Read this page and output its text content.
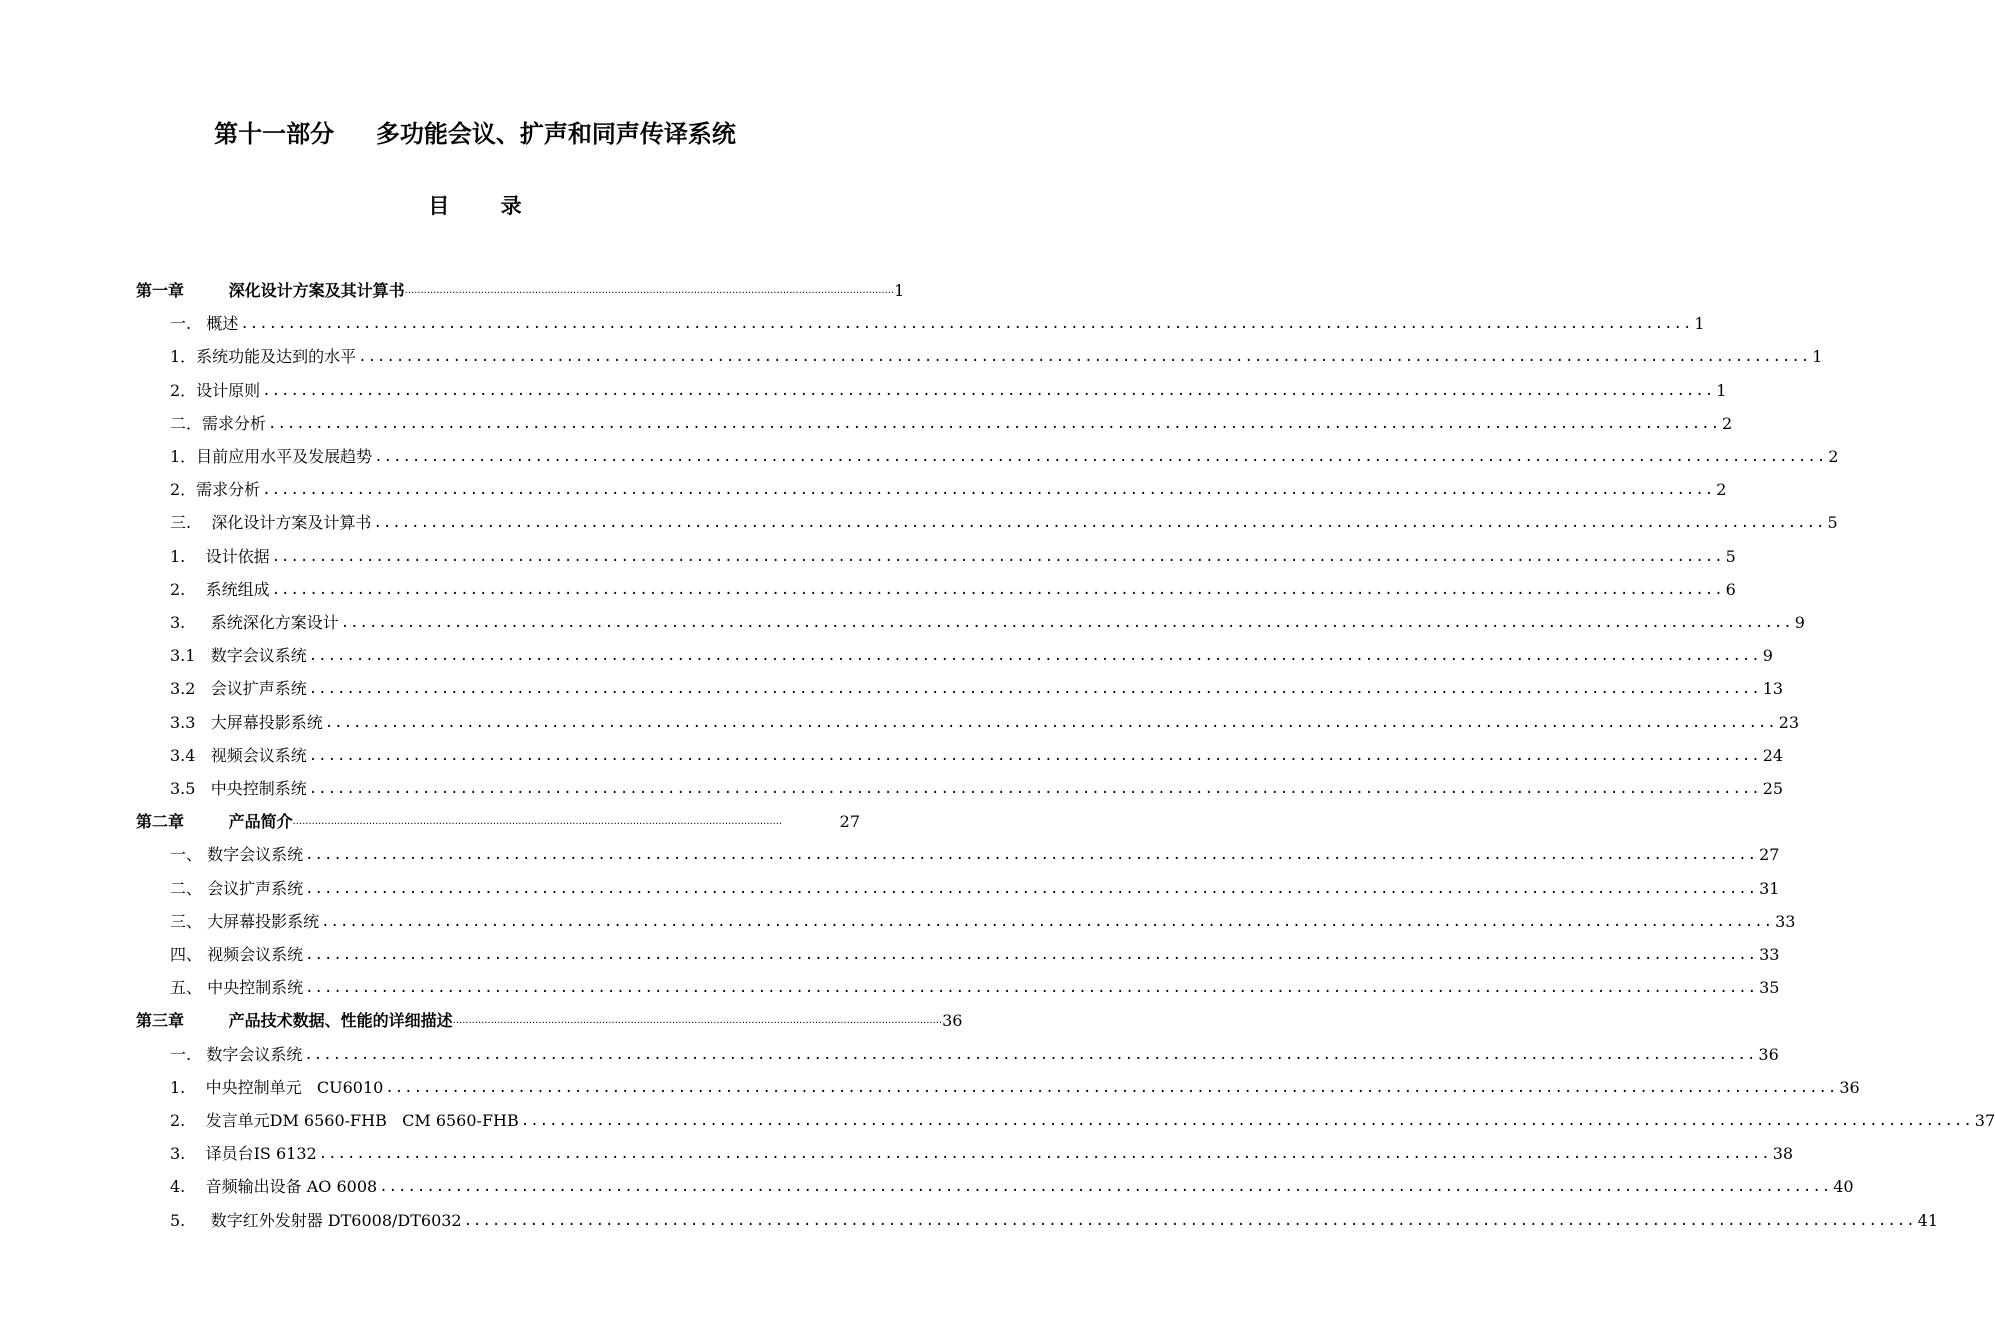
第十一部分     多功能会议、扩声和同声传译系统
目       录
第一章        深化设计方案及其计算书 .......................................................................................................................................................... 1
一.   概述 .......................................................................................................................................................... 1
1．系统功能及达到的水平 .......................................................................................................................................................... 1
2．设计原则 .......................................................................................................................................................... 1
二．需求分析 .......................................................................................................................................................... 2
1．目前应用水平及发展趋势 .......................................................................................................................................................... 2
2．需求分析 .......................................................................................................................................................... 2
三.    深化设计方案及计算书 .......................................................................................................................................................... 5
1.    设计依据 .......................................................................................................................................................... 5
2.    系统组成 .......................................................................................................................................................... 6
3.     系统深化方案设计 .......................................................................................................................................................... 9
3.1   数字会议系统 .......................................................................................................................................................... 9
3.2   会议扩声系统 .......................................................................................................................................................... 13
3.3   大屏幕投影系统 .......................................................................................................................................................... 23
3.4   视频会议系统 .......................................................................................................................................................... 24
3.5   中央控制系统 .......................................................................................................................................................... 25
第二章        产品简介 ..........................................................................................................................................................	27
一、 数字会议系统 .......................................................................................................................................................... 27
二、 会议扩声系统 .......................................................................................................................................................... 31
三、 大屏幕投影系统 .......................................................................................................................................................... 33
四、 视频会议系统 .......................................................................................................................................................... 33
五、 中央控制系统 .......................................................................................................................................................... 35
第三章        产品技术数据、性能的详细描述 .......................................................................................................................................................... 36
一.   数字会议系统 .......................................................................................................................................................... 36
1.    中央控制单元   CU6010 .......................................................................................................................................................... 36
2.    发言单元DM 6560-FHB   CM 6560-FHB .......................................................................................................................................................... 37
3.    译员台IS 6132 .......................................................................................................................................................... 38
4.    音频输出设备 AO 6008 .......................................................................................................................................................... 40
5.     数字红外发射器 DT6008/DT6032 .......................................................................................................................................................... 41
